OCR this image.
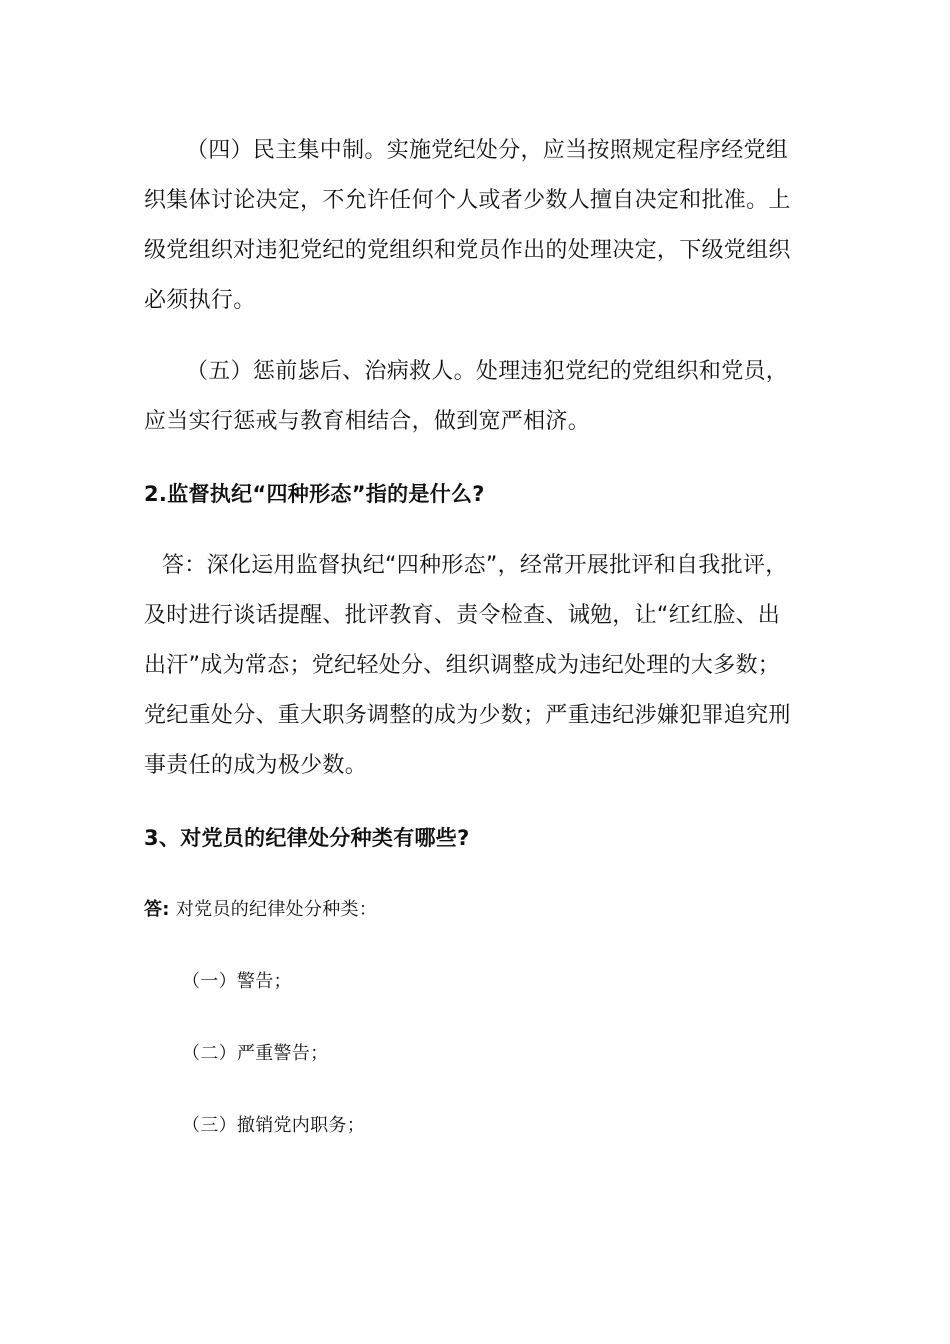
（四）民主集中制。实施党纪处分，应当按照规定程序经党组
织集体讨论决定，不允许任何个人或者少数人擅自决定和批准。上
级党组织对违犯党纪的党组织和党员作出的处理决定，下级党组织
必须执行。
（五）惩前毖后、治病救人。处理违犯党纪的党组织和党员，
应当实行惩戒与教育相结合，做到宽严相济。
2.监督执纪“四种形态”指的是什么?
答：深化运用监督执纪“四种形态”，经常开展批评和自我批评，
及时进行谈话提醒、批评教育、责令检查、诫勉，让“红红脸、出
出汗”成为常态；党纪轻处分、组织调整成为违纪处理的大多数；
党纪重处分、重大职务调整的成为少数；严重违纪涉嫌犯罪追究刑
事责任的成为极少数。
3、对党员的纪律处分种类有哪些?
答: 对党员的纪律处分种类：
（一）警告；
（二）严重警告；
（三）撤销党内职务；
